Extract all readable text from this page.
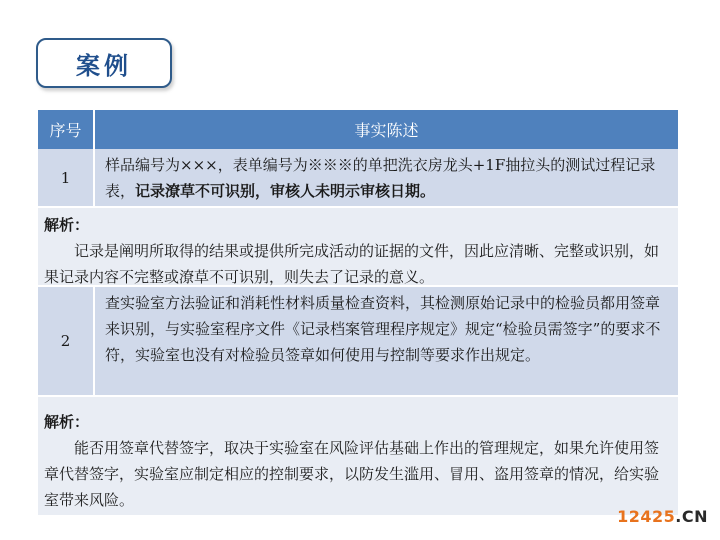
案例
序号	事实陈述
1
样品编号为×××，表单编号为※※※的单把洗衣房龙头+1F抽拉头的测试过程记录表，记录潦草不可识别，审核人未明示审核日期。
解析：
记录是阐明所取得的结果或提供所完成活动的证据的文件，因此应清晰、完整或识别，如果记录内容不完整或潦草不可识别，则失去了记录的意义。
2
查实验室方法验证和消耗性材料质量检查资料，其检测原始记录中的检验员都用签章来识别，与实验室程序文件《记录档案管理程序规定》规定“检验员需签字”的要求不符，实验室也没有对检验员签章如何使用与控制等要求作出规定。
解析：
能否用签章代替签字，取决于实验室在风险评估基础上作出的管理规定，如果允许使用签章代替签字，实验室应制定相应的控制要求，以防发生滥用、冒用、盗用签章的情况，给实验室带来风险。
12425.CN
